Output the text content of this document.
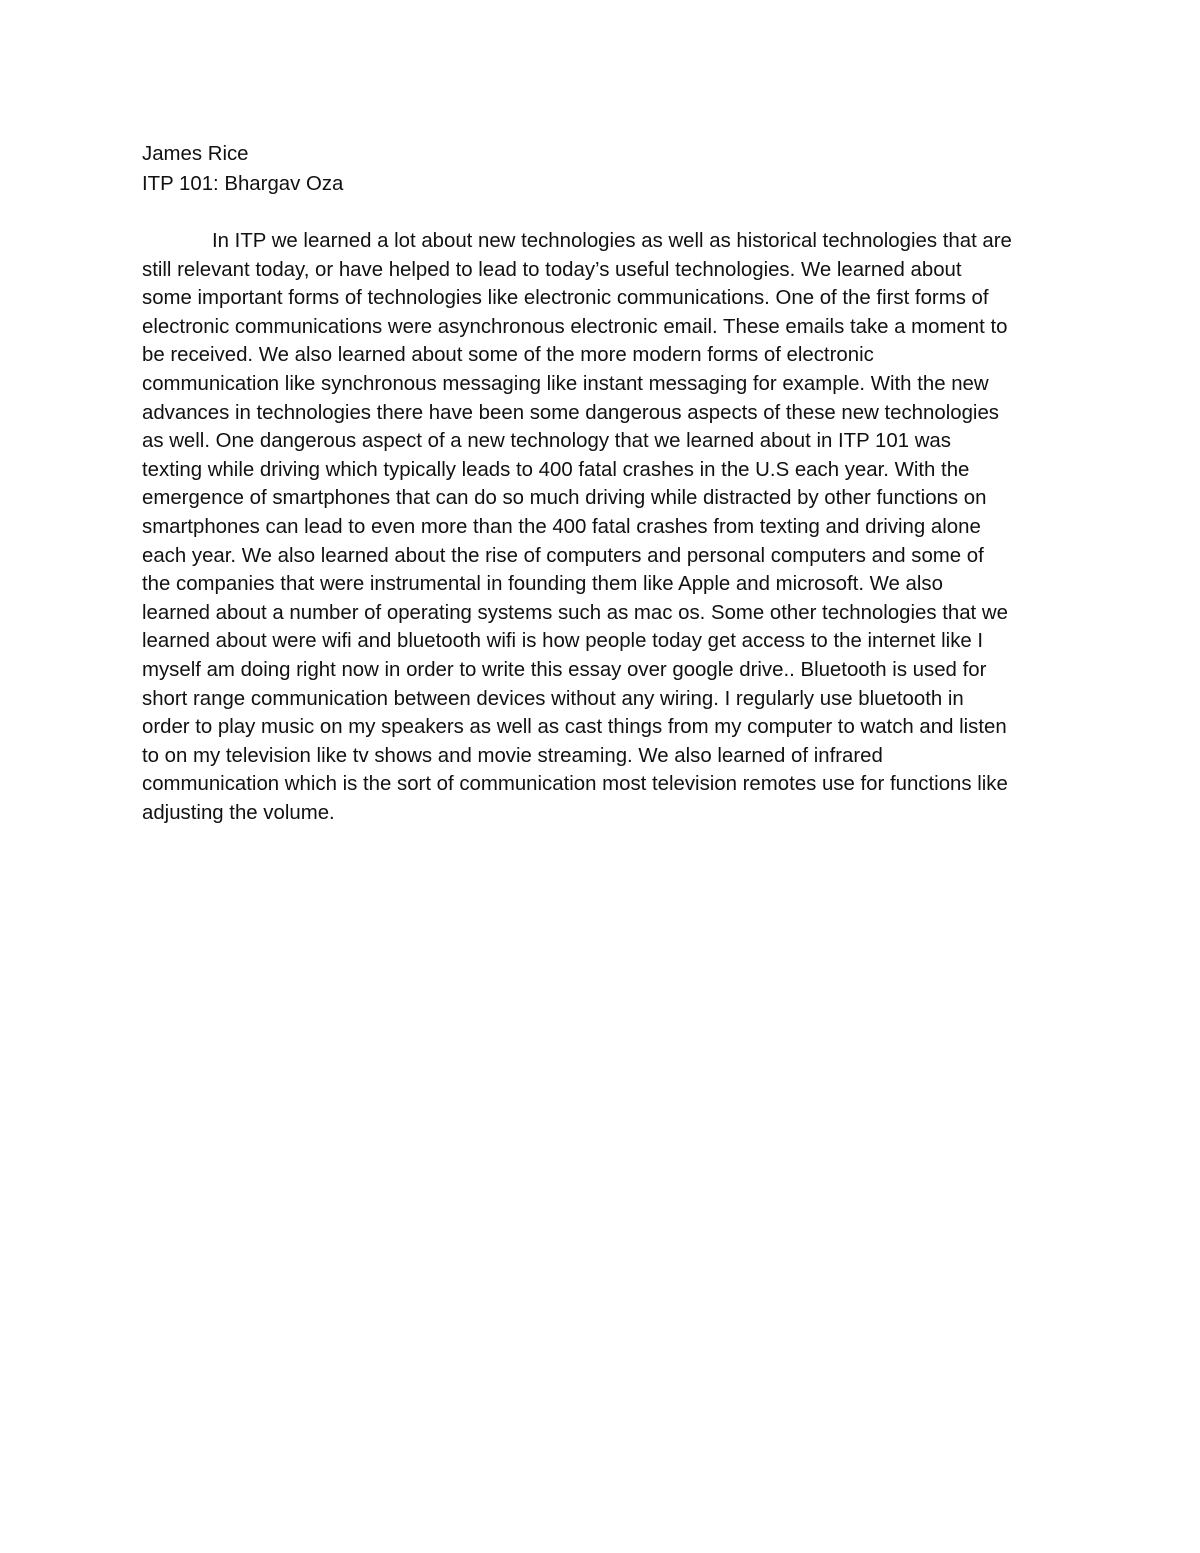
James Rice
ITP 101: Bhargav Oza
In ITP we learned a lot about new technologies as well as historical technologies that are
still relevant today, or have helped to lead to today’s useful technologies. We learned about
some important forms of technologies like electronic communications. One of the first forms of
electronic communications were asynchronous electronic email. These emails take a moment to
be received. We also learned about some of the more modern forms of electronic
communication like synchronous messaging like instant messaging for example. With the new
advances in technologies there have been some dangerous aspects of these new technologies
as well. One dangerous aspect of a new technology that we learned about in ITP 101 was
texting while driving which typically leads to 400 fatal crashes in the U.S each year. With the
emergence of smartphones that can do so much driving while distracted by other functions on
smartphones can lead to even more than the 400 fatal crashes from texting and driving alone
each year. We also learned about the rise of computers and personal computers and some of
the companies that were instrumental in founding them like Apple and microsoft. We also
learned about a number of operating systems such as mac os. Some other technologies that we
learned about were wifi and bluetooth wifi is how people today get access to the internet like I
myself am doing right now in order to write this essay over google drive.. Bluetooth is used for
short range communication between devices without any wiring. I regularly use bluetooth in
order to play music on my speakers as well as cast things from my computer to watch and listen
to on my television like tv shows and movie streaming. We also learned of infrared
communication which is the sort of communication most television remotes use for functions like
adjusting the volume.
